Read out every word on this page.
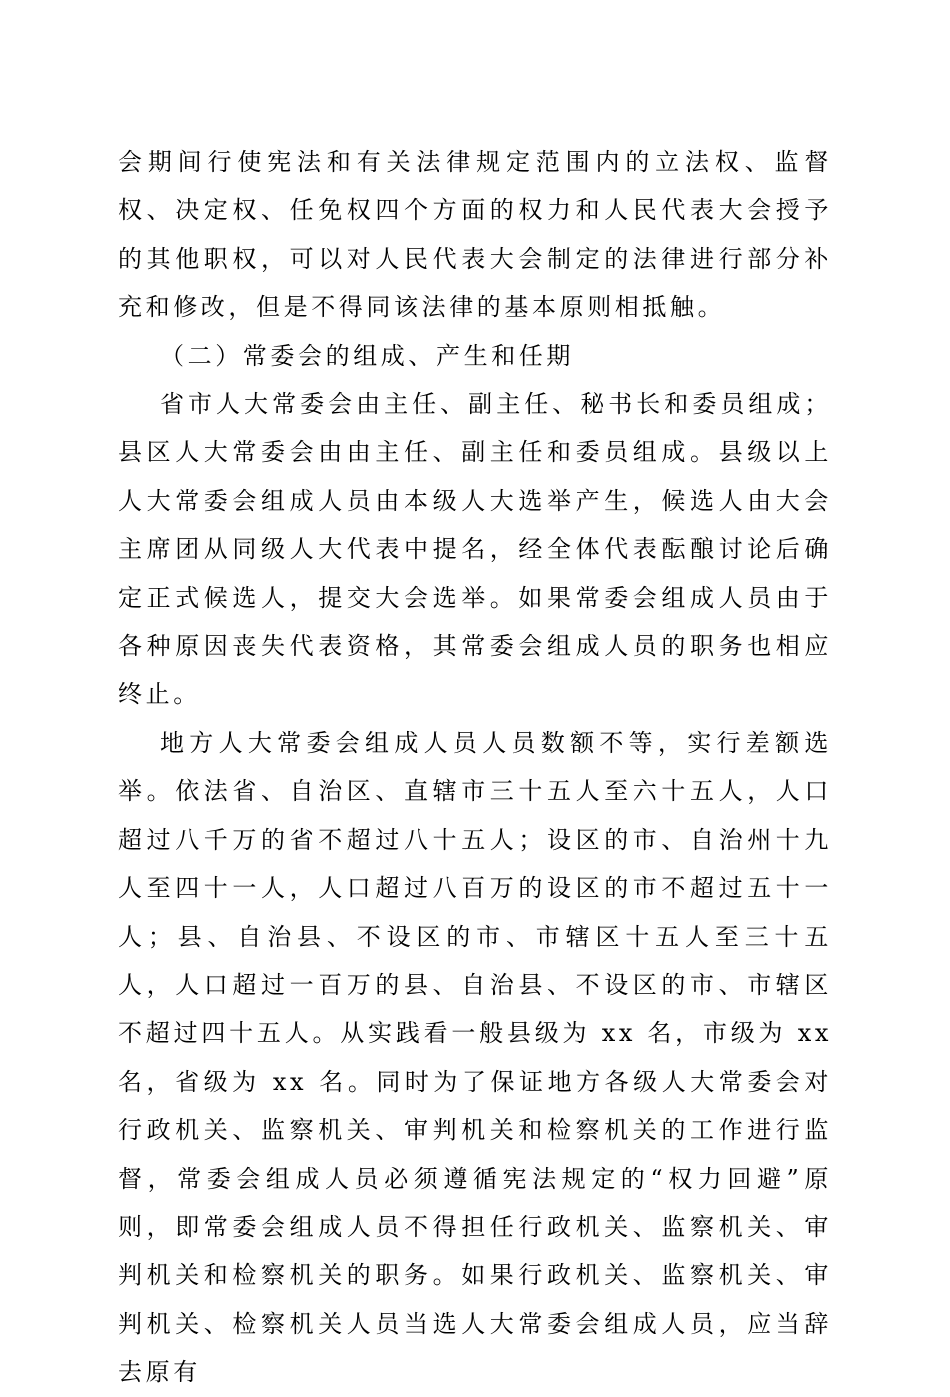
会期间行使宪法和有关法律规定范围内的立法权、监督权、决定权、任免权四个方面的权力和人民代表大会授予的其他职权，可以对人民代表大会制定的法律进行部分补充和修改，但是不得同该法律的基本原则相抵触。

（二）常委会的组成、产生和任期

省市人大常委会由主任、副主任、秘书长和委员组成；县区人大常委会由由主任、副主任和委员组成。县级以上人大常委会组成人员由本级人大选举产生，候选人由大会主席团从同级人大代表中提名，经全体代表酝酿讨论后确定正式候选人，提交大会选举。如果常委会组成人员由于各种原因丧失代表资格，其常委会组成人员的职务也相应终止。

地方人大常委会组成人员人员数额不等，实行差额选举。依法省、自治区、直辖市三十五人至六十五人，人口超过八千万的省不超过八十五人；设区的市、自治州十九人至四十一人，人口超过八百万的设区的市不超过五十一人；县、自治县、不设区的市、市辖区十五人至三十五人，人口超过一百万的县、自治县、不设区的市、市辖区不超过四十五人。从实践看一般县级为 xx 名，市级为 xx 名，省级为 xx 名。同时为了保证地方各级人大常委会对行政机关、监察机关、审判机关和检察机关的工作进行监督，常委会组成人员必须遵循宪法规定的“权力回避”原则，即常委会组成人员不得担任行政机关、监察机关、审判机关和检察机关的职务。如果行政机关、监察机关、审判机关、检察机关人员当选人大常委会组成人员，应当辞去原有
